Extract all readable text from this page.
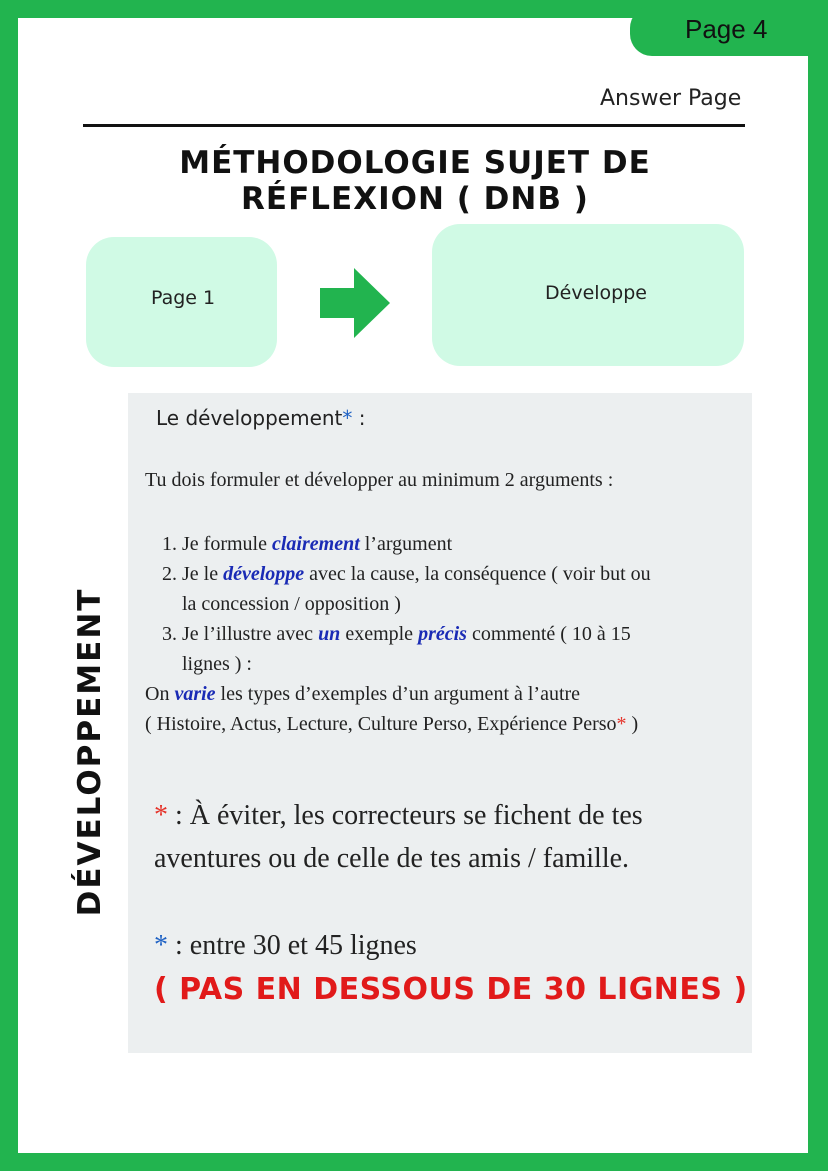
Page 4
Answer Page
MÉTHODOLOGIE SUJET DE
RÉFLEXION ( DNB )
Page 1	Développe
DÉVELOPPEMENT
Le développement* :
Tu dois formuler et développer au minimum 2 arguments :
1. Je formule clairement l’argument
2. Je le développe avec la cause, la conséquence ( voir but ou
la concession / opposition )
3. Je l’illustre avec un exemple précis commenté ( 10 à 15
lignes ) :
On varie les types d’exemples d’un argument à l’autre
( Histoire, Actus, Lecture, Culture Perso, Expérience Perso* )
* : À éviter, les correcteurs se fichent de tes aventures ou de celle de tes amis / famille.
* : entre 30 et 45 lignes
( PAS EN DESSOUS DE 30 LIGNES )
